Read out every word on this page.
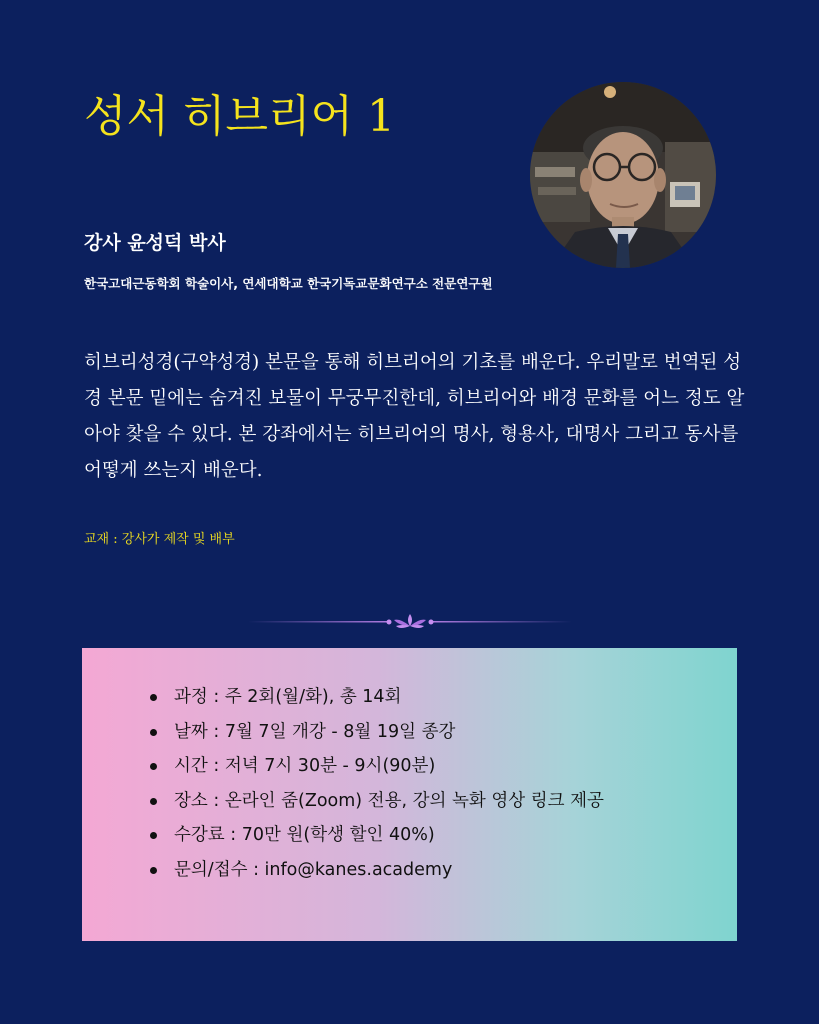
성서 히브리어 1
강사 윤성덕 박사
한국고대근동학회 학술이사, 연세대학교 한국기독교문화연구소 전문연구원
히브리성경(구약성경) 본문을 통해 히브리어의 기초를 배운다. 우리말로 번역된 성경 본문 밑에는 숨겨진 보물이 무궁무진한데, 히브리어와 배경 문화를 어느 정도 알아야 찾을 수 있다. 본 강좌에서는 히브리어의 명사, 형용사, 대명사 그리고 동사를 어떻게 쓰는지 배운다.
교재 : 강사가 제작 및 배부
과정 : 주 2회(월/화), 총 14회
날짜 : 7월 7일 개강 - 8월 19일 종강
시간 : 저녁 7시 30분 - 9시(90분)
장소 : 온라인 줌(Zoom) 전용, 강의 녹화 영상 링크 제공
수강료 : 70만 원(학생 할인 40%)
문의/접수 : info@kanes.academy
